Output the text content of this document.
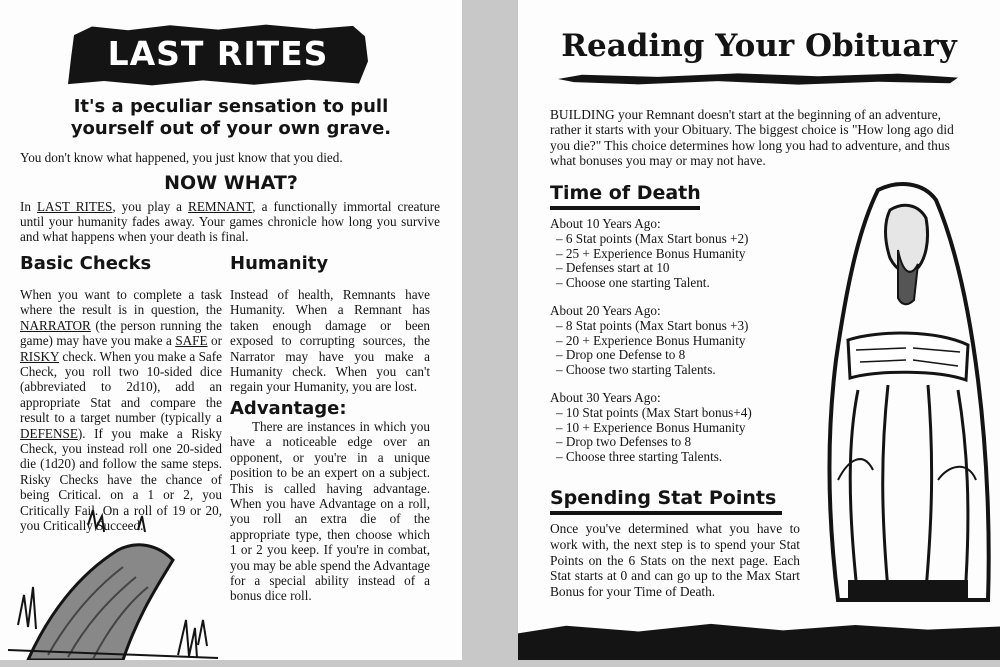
LAST RITES
It's a peculiar sensation to pull
yourself out of your own grave.
You don't know what happened, you just know that you died.
NOW WHAT?
In LAST RITES, you play a REMNANT, a functionally immortal creature until your humanity fades away. Your games chronicle how long you survive and what happens when your death is final.
Basic Checks
When you want to complete a task where the result is in question, the NARRATOR (the person running the game) may have you make a SAFE or RISKY check. When you make a Safe Check, you roll two 10-sided dice (abbreviated to 2d10), add an appropriate Stat and compare the result to a target number (typically a DEFENSE). If you make a Risky Check, you instead roll one 20-sided die (1d20) and follow the same steps. Risky Checks have the chance of being Critical. on a 1 or 2, you Critically Fail. On a roll of 19 or 20, you Critically Succeed.
Humanity
Instead of health, Remnants have Humanity. When a Remnant has taken enough damage or been exposed to corrupting sources, the Narrator may have you make a Humanity check. When you can't regain your Humanity, you are lost.
Advantage:
There are instances in which you have a noticeable edge over an opponent, or you're in a unique position to be an expert on a subject. This is called having advantage. When you have Advantage on a roll, you roll an extra die of the appropriate type, then choose which 1 or 2 you keep. If you're in combat, you may be able spend the Advantage for a special ability instead of a bonus dice roll.
Reading Your Obituary
BUILDING your Remnant doesn't start at the beginning of an adventure, rather it starts with your Obituary. The biggest choice is "How long ago did you die?" This choice determines how long you had to adventure, and thus what bonuses you may or may not have.
Time of Death
About 10 Years Ago:
– 6 Stat points (Max Start bonus +2)
– 25 + Experience Bonus Humanity
– Defenses start at 10
– Choose one starting Talent.
About 20 Years Ago:
– 8 Stat points (Max Start bonus +3)
– 20 + Experience Bonus Humanity
– Drop one Defense to 8
– Choose two starting Talents.
About 30 Years Ago:
– 10 Stat points (Max Start bonus+4)
– 10 + Experience Bonus Humanity
– Drop two Defenses to 8
– Choose three starting Talents.
Spending Stat Points
Once you've determined what you have to work with, the next step is to spend your Stat Points on the 6 Stats on the next page. Each Stat starts at 0 and can go up to the Max Start Bonus for your Time of Death.
